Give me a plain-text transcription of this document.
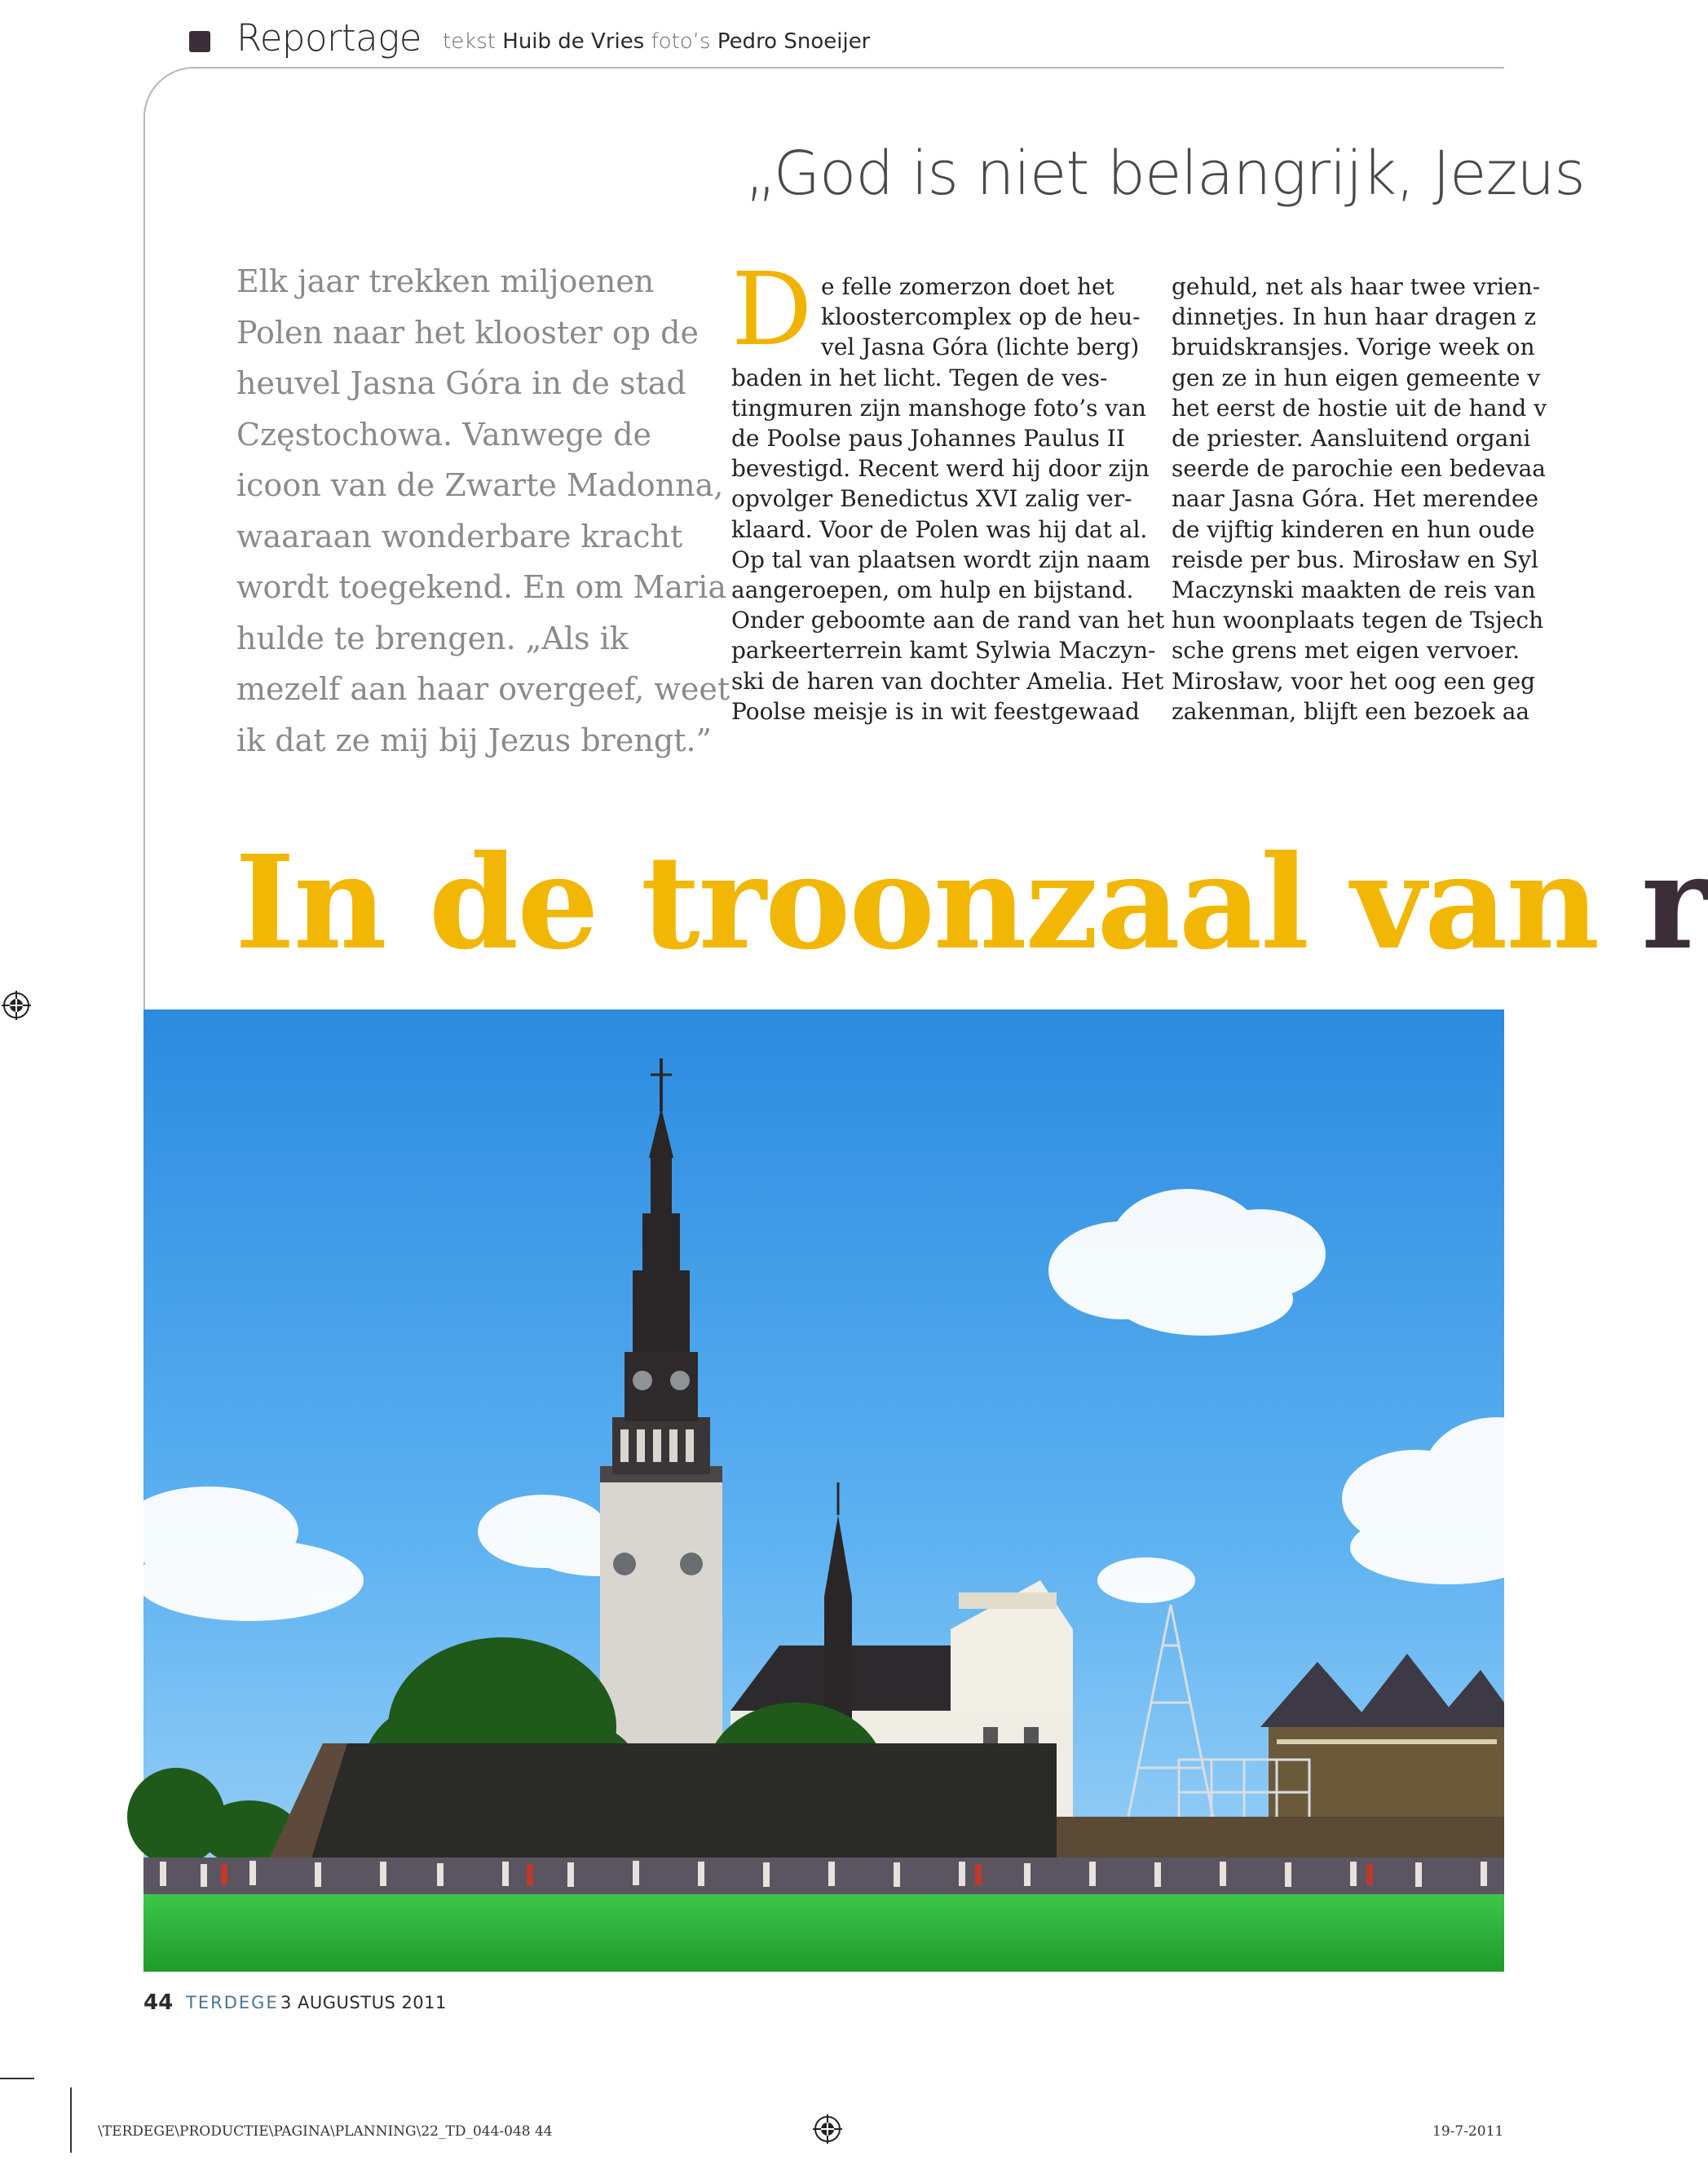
Reportage tekst Huib de Vries foto’s Pedro Snoeijer
„God is niet belangrijk, Jezus
Elk jaar trekken miljoenen
Polen naar het klooster op de
heuvel Jasna Góra in de stad
Częstochowa. Vanwege de
icoon van de Zwarte Madonna,
waaraan wonderbare kracht
wordt toegekend. En om Maria
hulde te brengen. „Als ik
mezelf aan haar overgeef, weet
ik dat ze mij bij Jezus brengt.”
D e felle zomerzon doet het
kloostercomplex op de heu-
vel Jasna Góra (lichte berg)
baden in het licht. Tegen de ves-
tingmuren zijn manshoge foto’s van
de Poolse paus Johannes Paulus II
bevestigd. Recent werd hij door zijn
opvolger Benedictus XVI zalig ver-
klaard. Voor de Polen was hij dat al.
Op tal van plaatsen wordt zijn naam
aangeroepen, om hulp en bijstand.
Onder geboomte aan de rand van het
parkeerterrein kamt Sylwia Maczyn-
ski de haren van dochter Amelia. Het
Poolse meisje is in wit feestgewaad
gehuld, net als haar twee vrien-
dinnetjes. In hun haar dragen z
bruidskransjes. Vorige week on
gen ze in hun eigen gemeente v
het eerst de hostie uit de hand v
de priester. Aansluitend organi
seerde de parochie een bedevaa
naar Jasna Góra. Het merendee
de vijftig kinderen en hun oude
reisde per bus. Mirosław en Syl
Maczynski maakten de reis van
hun woonplaats tegen de Tsjech
sche grens met eigen vervoer.
Mirosław, voor het oog een geg
zakenman, blijft een bezoek aa
In de troonzaal van r
44 TERDEGE 3 AUGUSTUS 2011
\TERDEGE\PRODUCTIE\PAGINA\PLANNING\22_TD_044-048 44	19-7-2011
